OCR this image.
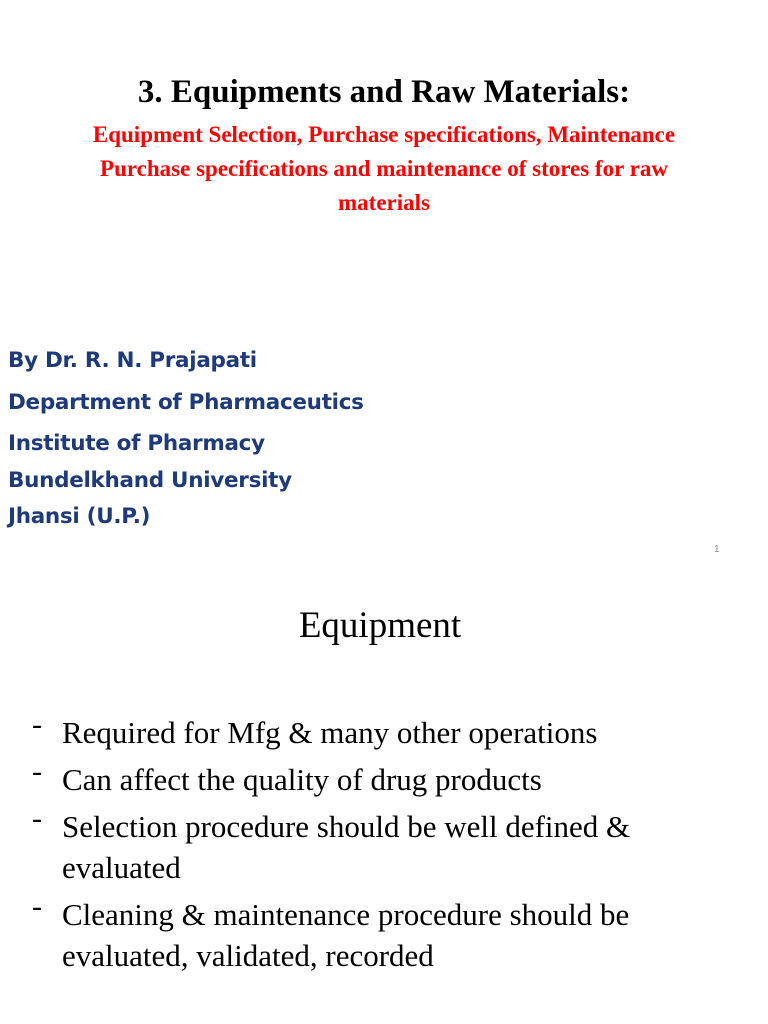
3. Equipments and Raw Materials:
Equipment Selection, Purchase specifications, Maintenance
Purchase specifications and maintenance of stores for raw
materials
By Dr. R. N. Prajapati
Department of Pharmaceutics
Institute of Pharmacy
Bundelkhand University
Jhansi (U.P.)
1
Equipment
- Required for Mfg & many other operations
- Can affect the quality of drug products
- Selection procedure should be well defined & evaluated
- Cleaning & maintenance procedure should be evaluated, validated, recorded
